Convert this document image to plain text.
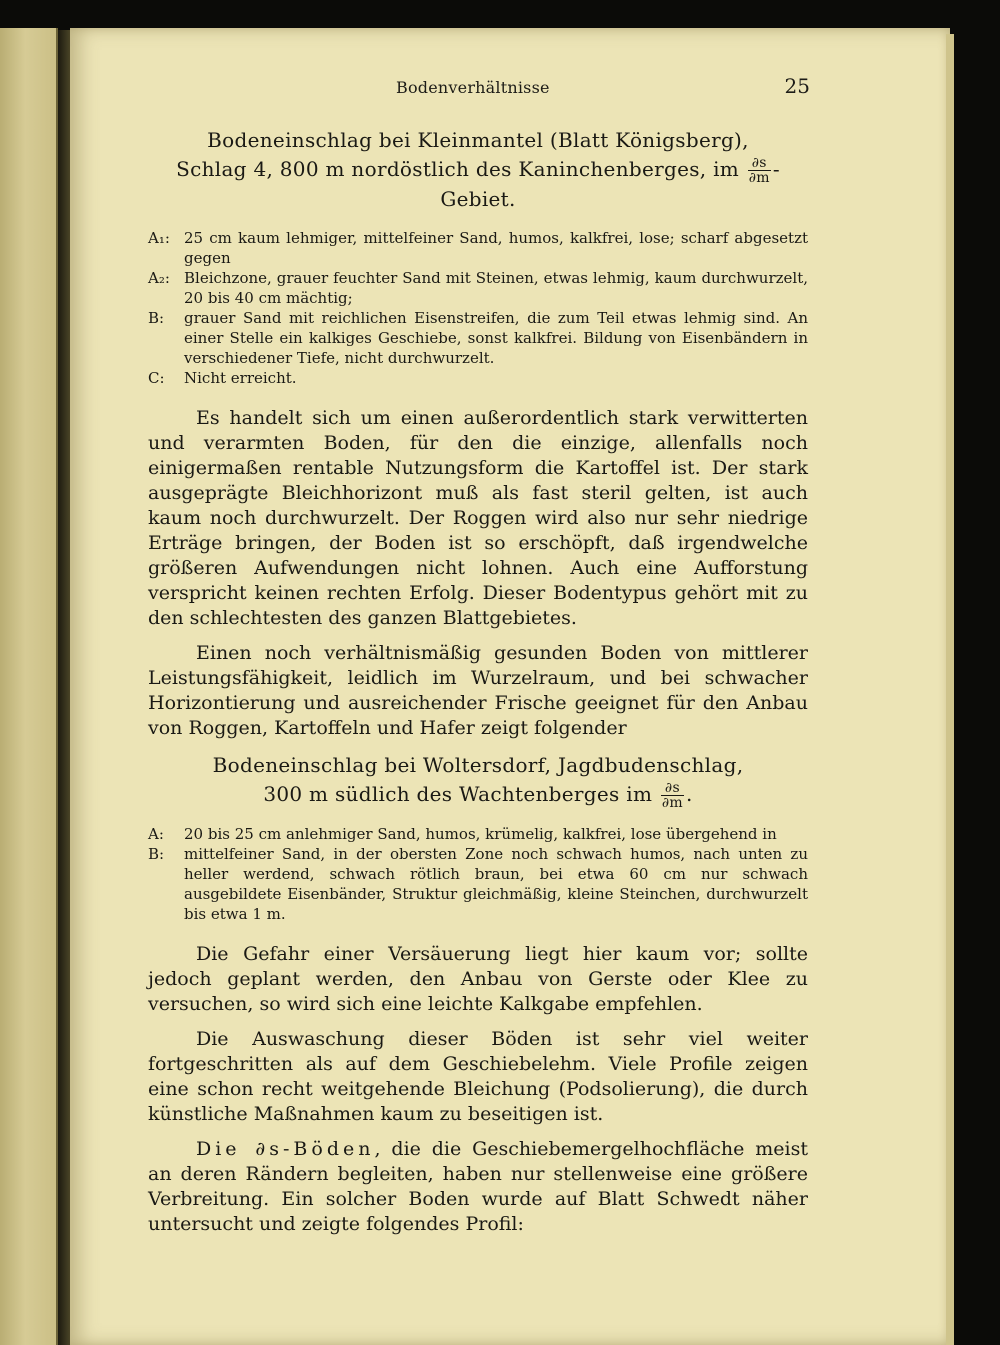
Bodenverhältnisse	25
Bodeneinschlag bei Kleinmantel (Blatt Königsberg),
Schlag 4, 800 m nordöstlich des Kaninchenberges, im $\frac{\partial s}{\partial m}$ -Gebiet.
A₁: 25 cm kaum lehmiger, mittelfeiner Sand, humos, kalkfrei, lose; scharf abgesetzt gegen
A₂: Bleichzone, grauer feuchter Sand mit Steinen, etwas lehmig, kaum durchwurzelt, 20 bis 40 cm mächtig;
B:	grauer Sand mit reichlichen Eisenstreifen, die zum Teil etwas lehmig sind. An einer Stelle ein kalkiges Geschiebe, sonst kalkfrei. Bildung von Eisenbändern in verschiedener Tiefe, nicht durchwurzelt.
C:	Nicht erreicht.

Es handelt sich um einen außerordentlich stark verwitterten und verarmten Boden, für den die einzige, allenfalls noch einigermaßen rentable Nutzungsform die Kartoffel ist. Der stark ausgeprägte Bleichhorizont muß als fast steril gelten, ist auch kaum noch durchwurzelt. Der Roggen wird also nur sehr niedrige Erträge bringen, der Boden ist so erschöpft, daß irgendwelche größeren Aufwendungen nicht lohnen. Auch eine Aufforstung verspricht keinen rechten Erfolg. Dieser Bodentypus gehört mit zu den schlechtesten des ganzen Blattgebietes.

Einen noch verhältnismäßig gesunden Boden von mittlerer Leistungsfähigkeit, leidlich im Wurzelraum, und bei schwacher Horizontierung und ausreichender Frische geeignet für den Anbau von Roggen, Kartoffeln und Hafer zeigt folgender

Bodeneinschlag bei Woltersdorf, Jagdbudenschlag,
300 m südlich des Wachtenberges im $\frac{\partial s}{\partial m}$ .
A:	20 bis 25 cm anlehmiger Sand, humos, krümelig, kalkfrei, lose übergehend in
B:	mittelfeiner Sand, in der obersten Zone noch schwach humos, nach unten zu heller werdend, schwach rötlich braun, bei etwa 60 cm nur schwach ausgebildete Eisenbänder, Struktur gleichmäßig, kleine Steinchen, durchwurzelt bis etwa 1 m.

Die Gefahr einer Versäuerung liegt hier kaum vor; sollte jedoch geplant werden, den Anbau von Gerste oder Klee zu versuchen, so wird sich eine leichte Kalkgabe empfehlen.

Die Auswaschung dieser Böden ist sehr viel weiter fortgeschritten als auf dem Geschiebelehm. Viele Profile zeigen eine schon recht weitgehende Bleichung (Podsolierung), die durch künstliche Maßnahmen kaum zu beseitigen ist.

Die ∂s-Böden, die die Geschiebemergelhochfläche meist an deren Rändern begleiten, haben nur stellenweise eine größere Verbreitung. Ein solcher Boden wurde auf Blatt Schwedt näher untersucht und zeigte folgendes Profil:
